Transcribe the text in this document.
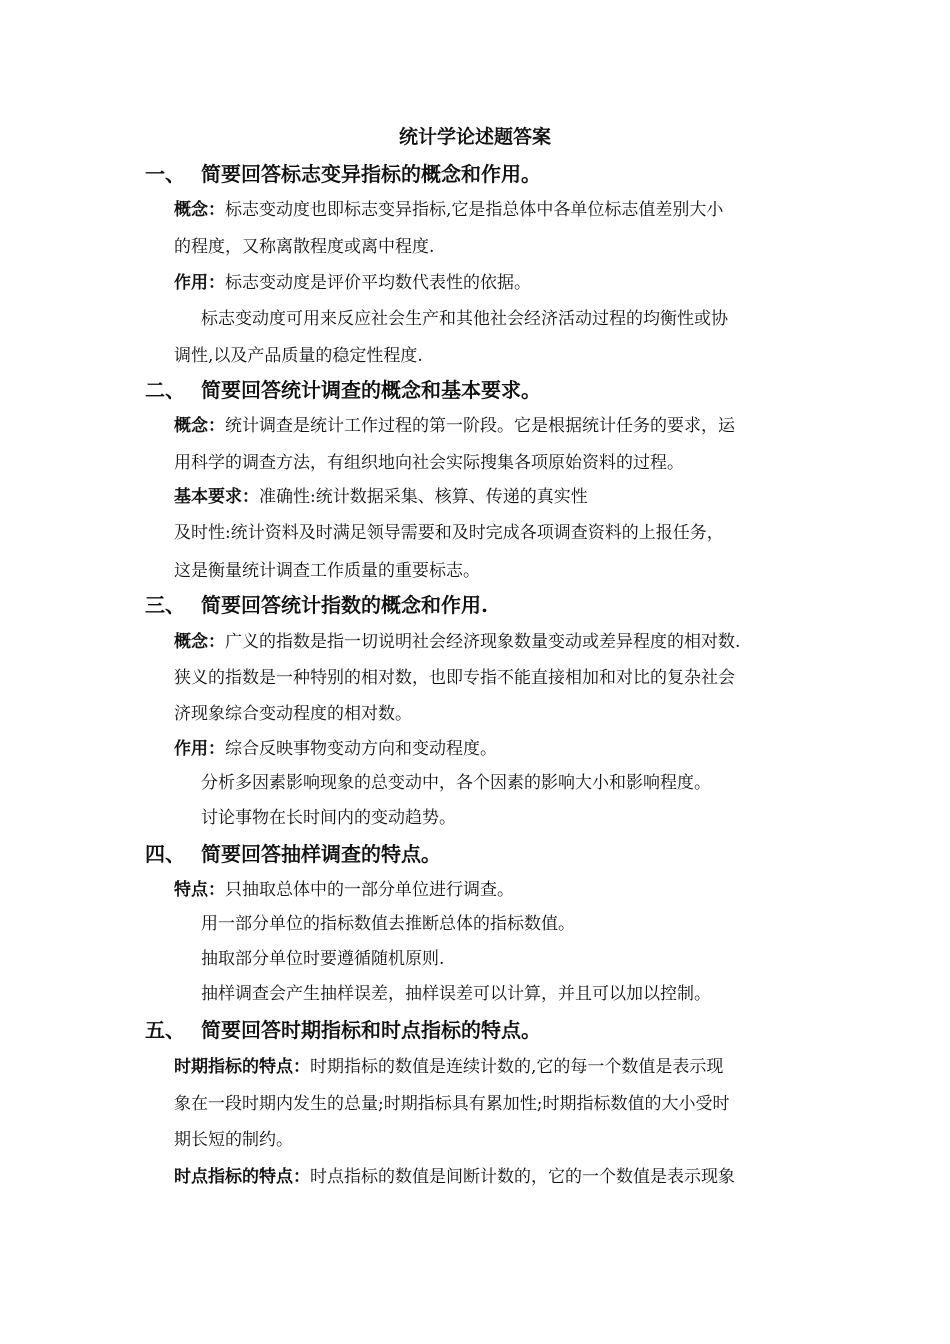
统计学论述题答案
一、 简要回答标志变异指标的概念和作用。
概念：标志变动度也即标志变异指标,它是指总体中各单位标志值差别大小
的程度，又称离散程度或离中程度.
作用：标志变动度是评价平均数代表性的依据。
标志变动度可用来反应社会生产和其他社会经济活动过程的均衡性或协
调性,以及产品质量的稳定性程度.
二、 简要回答统计调查的概念和基本要求。
概念：统计调查是统计工作过程的第一阶段。它是根据统计任务的要求，运
用科学的调查方法，有组织地向社会实际搜集各项原始资料的过程。
基本要求：准确性:统计数据采集、核算、传递的真实性
及时性:统计资料及时满足领导需要和及时完成各项调查资料的上报任务，
这是衡量统计调查工作质量的重要标志。
三、 简要回答统计指数的概念和作用.
概念：广义的指数是指一切说明社会经济现象数量变动或差异程度的相对数.
狭义的指数是一种特别的相对数，也即专指不能直接相加和对比的复杂社会
济现象综合变动程度的相对数。
作用：综合反映事物变动方向和变动程度。
分析多因素影响现象的总变动中，各个因素的影响大小和影响程度。
讨论事物在长时间内的变动趋势。
四、 简要回答抽样调查的特点。
特点：只抽取总体中的一部分单位进行调查。
用一部分单位的指标数值去推断总体的指标数值。
抽取部分单位时要遵循随机原则.
抽样调查会产生抽样误差，抽样误差可以计算，并且可以加以控制。
五、 简要回答时期指标和时点指标的特点。
时期指标的特点：时期指标的数值是连续计数的,它的每一个数值是表示现
象在一段时期内发生的总量;时期指标具有累加性;时期指标数值的大小受时
期长短的制约。
时点指标的特点：时点指标的数值是间断计数的，它的一个数值是表示现象
